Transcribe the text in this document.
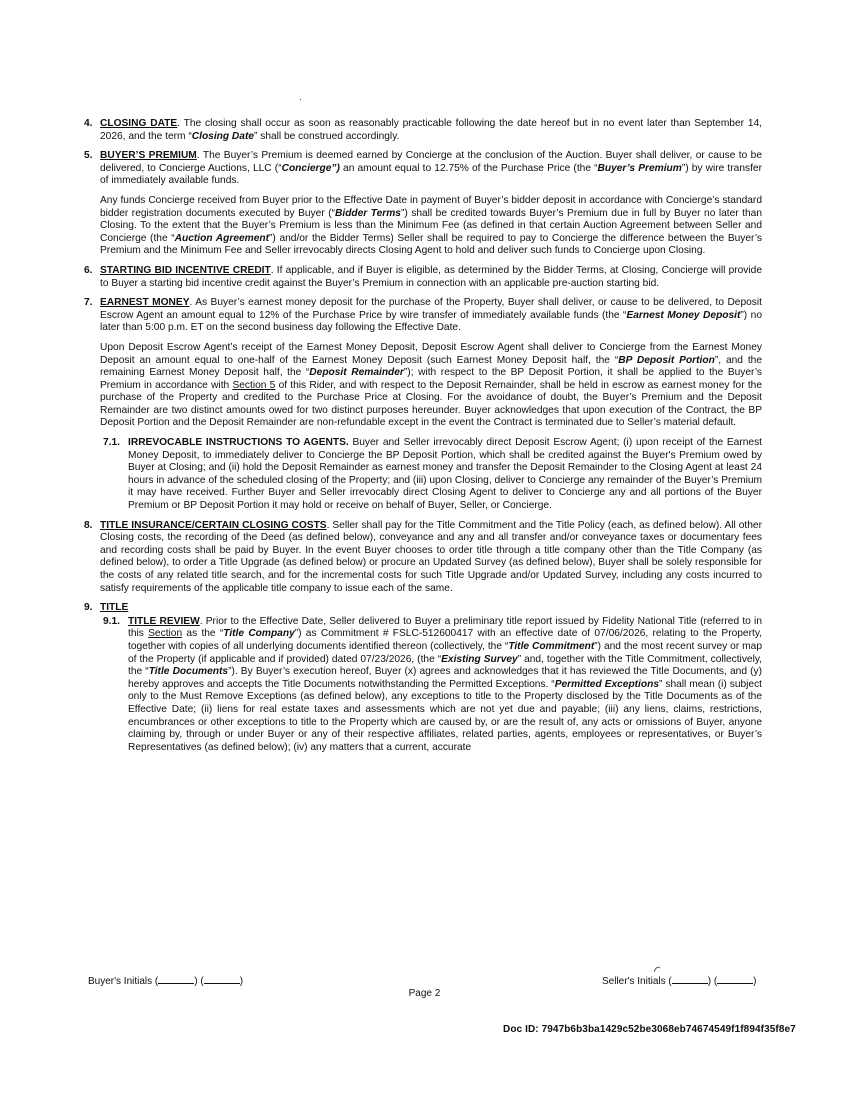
4. CLOSING DATE. The closing shall occur as soon as reasonably practicable following the date hereof but in no event later than September 14, 2026, and the term “Closing Date” shall be construed accordingly.

5. BUYER’S PREMIUM. The Buyer’s Premium is deemed earned by Concierge at the conclusion of the Auction. Buyer shall deliver, or cause to be delivered, to Concierge Auctions, LLC (“Concierge”) an amount equal to 12.75% of the Purchase Price (the “Buyer’s Premium”) by wire transfer of immediately available funds.

Any funds Concierge received from Buyer prior to the Effective Date in payment of Buyer’s bidder deposit in accordance with Concierge’s standard bidder registration documents executed by Buyer (“Bidder Terms”) shall be credited towards Buyer’s Premium due in full by Buyer no later than Closing. To the extent that the Buyer’s Premium is less than the Minimum Fee (as defined in that certain Auction Agreement between Seller and Concierge (the “Auction Agreement”) and/or the Bidder Terms) Seller shall be required to pay to Concierge the difference between the Buyer’s Premium and the Minimum Fee and Seller irrevocably directs Closing Agent to hold and deliver such funds to Concierge upon Closing.

6. STARTING BID INCENTIVE CREDIT. If applicable, and if Buyer is eligible, as determined by the Bidder Terms, at Closing, Concierge will provide to Buyer a starting bid incentive credit against the Buyer’s Premium in connection with an applicable pre-auction starting bid.

7. EARNEST MONEY. As Buyer’s earnest money deposit for the purchase of the Property, Buyer shall deliver, or cause to be delivered, to Deposit Escrow Agent an amount equal to 12% of the Purchase Price by wire transfer of immediately available funds (the “Earnest Money Deposit”) no later than 5:00 p.m. ET on the second business day following the Effective Date.

Upon Deposit Escrow Agent’s receipt of the Earnest Money Deposit, Deposit Escrow Agent shall deliver to Concierge from the Earnest Money Deposit an amount equal to one-half of the Earnest Money Deposit (such Earnest Money Deposit half, the “BP Deposit Portion”, and the remaining Earnest Money Deposit half, the “Deposit Remainder”); with respect to the BP Deposit Portion, it shall be applied to the Buyer’s Premium in accordance with Section 5 of this Rider, and with respect to the Deposit Remainder, shall be held in escrow as earnest money for the purchase of the Property and credited to the Purchase Price at Closing. For the avoidance of doubt, the Buyer’s Premium and the Deposit Remainder are two distinct amounts owed for two distinct purposes hereunder. Buyer acknowledges that upon execution of the Contract, the BP Deposit Portion and the Deposit Remainder are non-refundable except in the event the Contract is terminated due to Seller’s material default.

7.1. IRREVOCABLE INSTRUCTIONS TO AGENTS. Buyer and Seller irrevocably direct Deposit Escrow Agent; (i) upon receipt of the Earnest Money Deposit, to immediately deliver to Concierge the BP Deposit Portion, which shall be credited against the Buyer's Premium owed by Buyer at Closing; and (ii) hold the Deposit Remainder as earnest money and transfer the Deposit Remainder to the Closing Agent at least 24 hours in advance of the scheduled closing of the Property; and (iii) upon Closing, deliver to Concierge any remainder of the Buyer’s Premium it may have received. Further Buyer and Seller irrevocably direct Closing Agent to deliver to Concierge any and all portions of the Buyer Premium or BP Deposit Portion it may hold or receive on behalf of Buyer, Seller, or Concierge.

8. TITLE INSURANCE/CERTAIN CLOSING COSTS. Seller shall pay for the Title Commitment and the Title Policy (each, as defined below). All other Closing costs, the recording of the Deed (as defined below), conveyance and any and all transfer and/or conveyance taxes or documentary fees and recording costs shall be paid by Buyer. In the event Buyer chooses to order title through a title company other than the Title Company (as defined below), to order a Title Upgrade (as defined below) or procure an Updated Survey (as defined below), Buyer shall be solely responsible for the costs of any related title search, and for the incremental costs for such Title Upgrade and/or Updated Survey, including any costs incurred to satisfy requirements of the applicable title company to issue each of the same.

9. TITLE

9.1. TITLE REVIEW. Prior to the Effective Date, Seller delivered to Buyer a preliminary title report issued by Fidelity National Title (referred to in this Section as the “Title Company”) as Commitment # FSLC-512600417 with an effective date of 07/06/2026, relating to the Property, together with copies of all underlying documents identified thereon (collectively, the “Title Commitment”) and the most recent survey or map of the Property (if applicable and if provided) dated 07/23/2026, (the “Existing Survey” and, together with the Title Commitment, collectively, the “Title Documents”). By Buyer’s execution hereof, Buyer (x) agrees and acknowledges that it has reviewed the Title Documents, and (y) hereby approves and accepts the Title Documents notwithstanding the Permitted Exceptions. “Permitted Exceptions” shall mean (i) subject only to the Must Remove Exceptions (as defined below), any exceptions to title to the Property disclosed by the Title Documents as of the Effective Date; (ii) liens for real estate taxes and assessments which are not yet due and payable; (iii) any liens, claims, restrictions, encumbrances or other exceptions to title to the Property which are caused by, or are the result of, any acts or omissions of Buyer, anyone claiming by, through or under Buyer or any of their respective affiliates, related parties, agents, employees or representatives, or Buyer’s Representatives (as defined below); (iv) any matters that a current, accurate

Buyer's Initials (	) (	)	Seller's Initials (	) (	)
Page 2
Doc ID: 7947b6b3ba1429c52be3068eb74674549f1f894f35f8e7
